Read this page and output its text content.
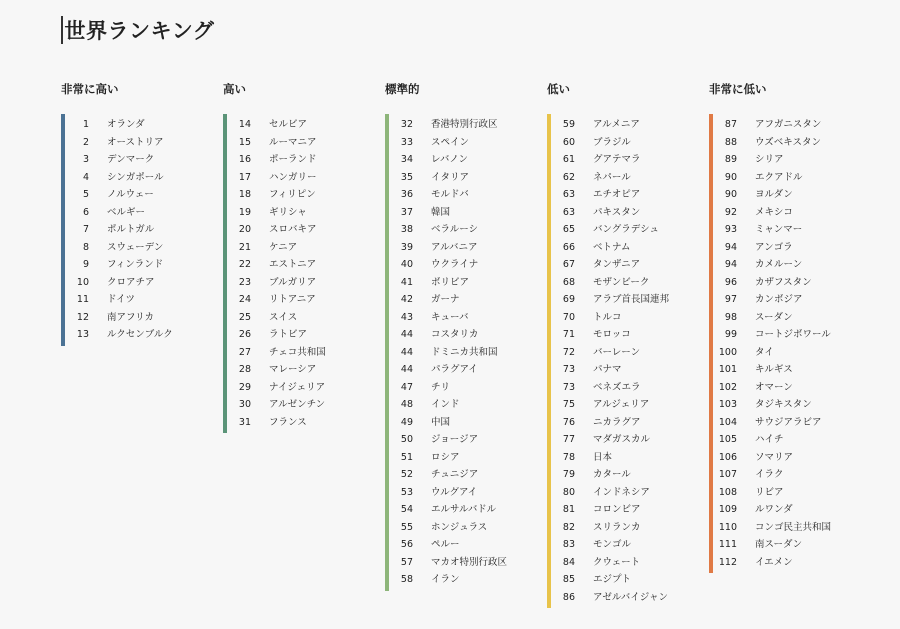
世界ランキング
非常に高い
1	オランダ
2	オーストリア
3	デンマーク
4	シンガポール
5	ノルウェー
6	ベルギー
7	ポルトガル
8	スウェーデン
9	フィンランド
10	クロアチア
11	ドイツ
12	南アフリカ
13	ルクセンブルク
高い
14	セルビア
15	ルーマニア
16	ポーランド
17	ハンガリー
18	フィリピン
19	ギリシャ
20	スロバキア
21	ケニア
22	エストニア
23	ブルガリア
24	リトアニア
25	スイス
26	ラトビア
27	チェコ共和国
28	マレーシア
29	ナイジェリア
30	アルゼンチン
31	フランス
標準的
32	香港特別行政区
33	スペイン
34	レバノン
35	イタリア
36	モルドバ
37	韓国
38	ベラルーシ
39	アルバニア
40	ウクライナ
41	ボリビア
42	ガーナ
43	キューバ
44	コスタリカ
44	ドミニカ共和国
44	パラグアイ
47	チリ
48	インド
49	中国
50	ジョージア
51	ロシア
52	チュニジア
53	ウルグアイ
54	エルサルバドル
55	ホンジュラス
56	ペルー
57	マカオ特別行政区
58	イラン
低い
59	アルメニア
60	ブラジル
61	グアテマラ
62	ネパール
63	エチオピア
63	パキスタン
65	バングラデシュ
66	ベトナム
67	タンザニア
68	モザンビーク
69	アラブ首長国連邦
70	トルコ
71	モロッコ
72	バーレーン
73	パナマ
73	ベネズエラ
75	アルジェリア
76	ニカラグア
77	マダガスカル
78	日本
79	カタール
80	インドネシア
81	コロンビア
82	スリランカ
83	モンゴル
84	クウェート
85	エジプト
86	アゼルバイジャン
非常に低い
87	アフガニスタン
88	ウズベキスタン
89	シリア
90	エクアドル
90	ヨルダン
92	メキシコ
93	ミャンマー
94	アンゴラ
94	カメルーン
96	カザフスタン
97	カンボジア
98	スーダン
99	コートジボワール
100	タイ
101	キルギス
102	オマーン
103	タジキスタン
104	サウジアラビア
105	ハイチ
106	ソマリア
107	イラク
108	リビア
109	ルワンダ
110	コンゴ民主共和国
111	南スーダン
112	イエメン
